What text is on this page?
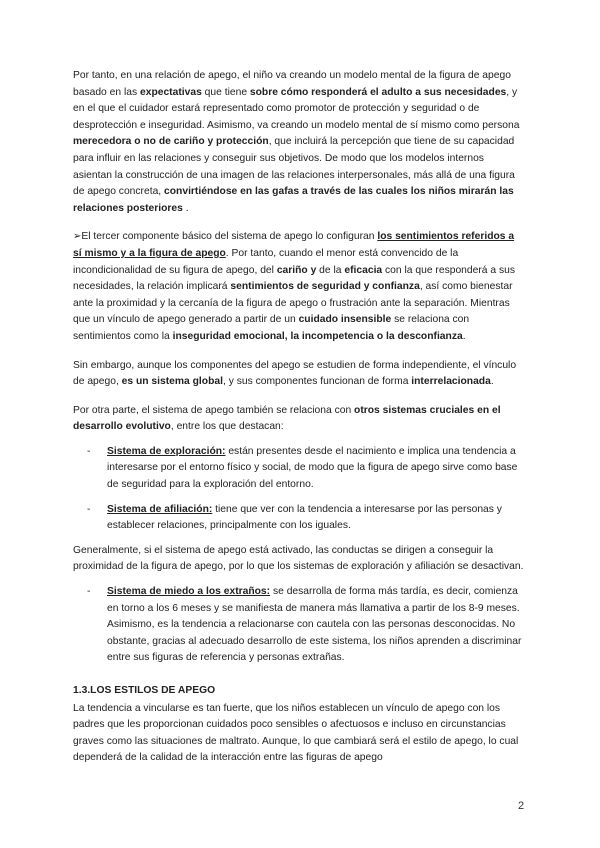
Por tanto, en una relación de apego, el niño va creando un modelo mental de la figura de apego basado en las expectativas que tiene sobre cómo responderá el adulto a sus necesidades, y en el que el cuidador estará representado como promotor de protección y seguridad o de desprotección e inseguridad. Asimismo, va creando un modelo mental de sí mismo como persona merecedora o no de cariño y protección, que incluirá la percepción que tiene de su capacidad para influir en las relaciones y conseguir sus objetivos. De modo que los modelos internos asientan la construcción de una imagen de las relaciones interpersonales, más allá de una figura de apego concreta, convirtiéndose en las gafas a través de las cuales los niños mirarán las relaciones posteriores .

➢El tercer componente básico del sistema de apego lo configuran los sentimientos referidos a sí mismo y a la figura de apego. Por tanto, cuando el menor está convencido de la incondicionalidad de su figura de apego, del cariño y de la eficacia con la que responderá a sus necesidades, la relación implicará sentimientos de seguridad y confianza, así como bienestar ante la proximidad y la cercanía de la figura de apego o frustración ante la separación. Mientras que un vínculo de apego generado a partir de un cuidado insensible se relaciona con sentimientos como la inseguridad emocional, la incompetencia o la desconfianza.

Sin embargo, aunque los componentes del apego se estudien de forma independiente, el vínculo de apego, es un sistema global, y sus componentes funcionan de forma interrelacionada.

Por otra parte, el sistema de apego también se relaciona con otros sistemas cruciales en el desarrollo evolutivo, entre los que destacan:

- Sistema de exploración: están presentes desde el nacimiento e implica una tendencia a interesarse por el entorno físico y social, de modo que la figura de apego sirve como base de seguridad para la exploración del entorno.
- Sistema de afiliación: tiene que ver con la tendencia a interesarse por las personas y establecer relaciones, principalmente con los iguales.

Generalmente, si el sistema de apego está activado, las conductas se dirigen a conseguir la proximidad de la figura de apego, por lo que los sistemas de exploración y afiliación se desactivan.

- Sistema de miedo a los extraños: se desarrolla de forma más tardía, es decir, comienza en torno a los 6 meses y se manifiesta de manera más llamativa a partir de los 8-9 meses. Asimismo, es la tendencia a relacionarse con cautela con las personas desconocidas. No obstante, gracias al adecuado desarrollo de este sistema, los niños aprenden a discriminar entre sus figuras de referencia y personas extrañas.
1.3.LOS ESTILOS DE APEGO

La tendencia a vincularse es tan fuerte, que los niños establecen un vínculo de apego con los padres que les proporcionan cuidados poco sensibles o afectuosos e incluso en circunstancias graves como las situaciones de maltrato. Aunque, lo que cambiará será el estilo de apego, lo cual dependerá de la calidad de la interacción entre las figuras de apego

2
